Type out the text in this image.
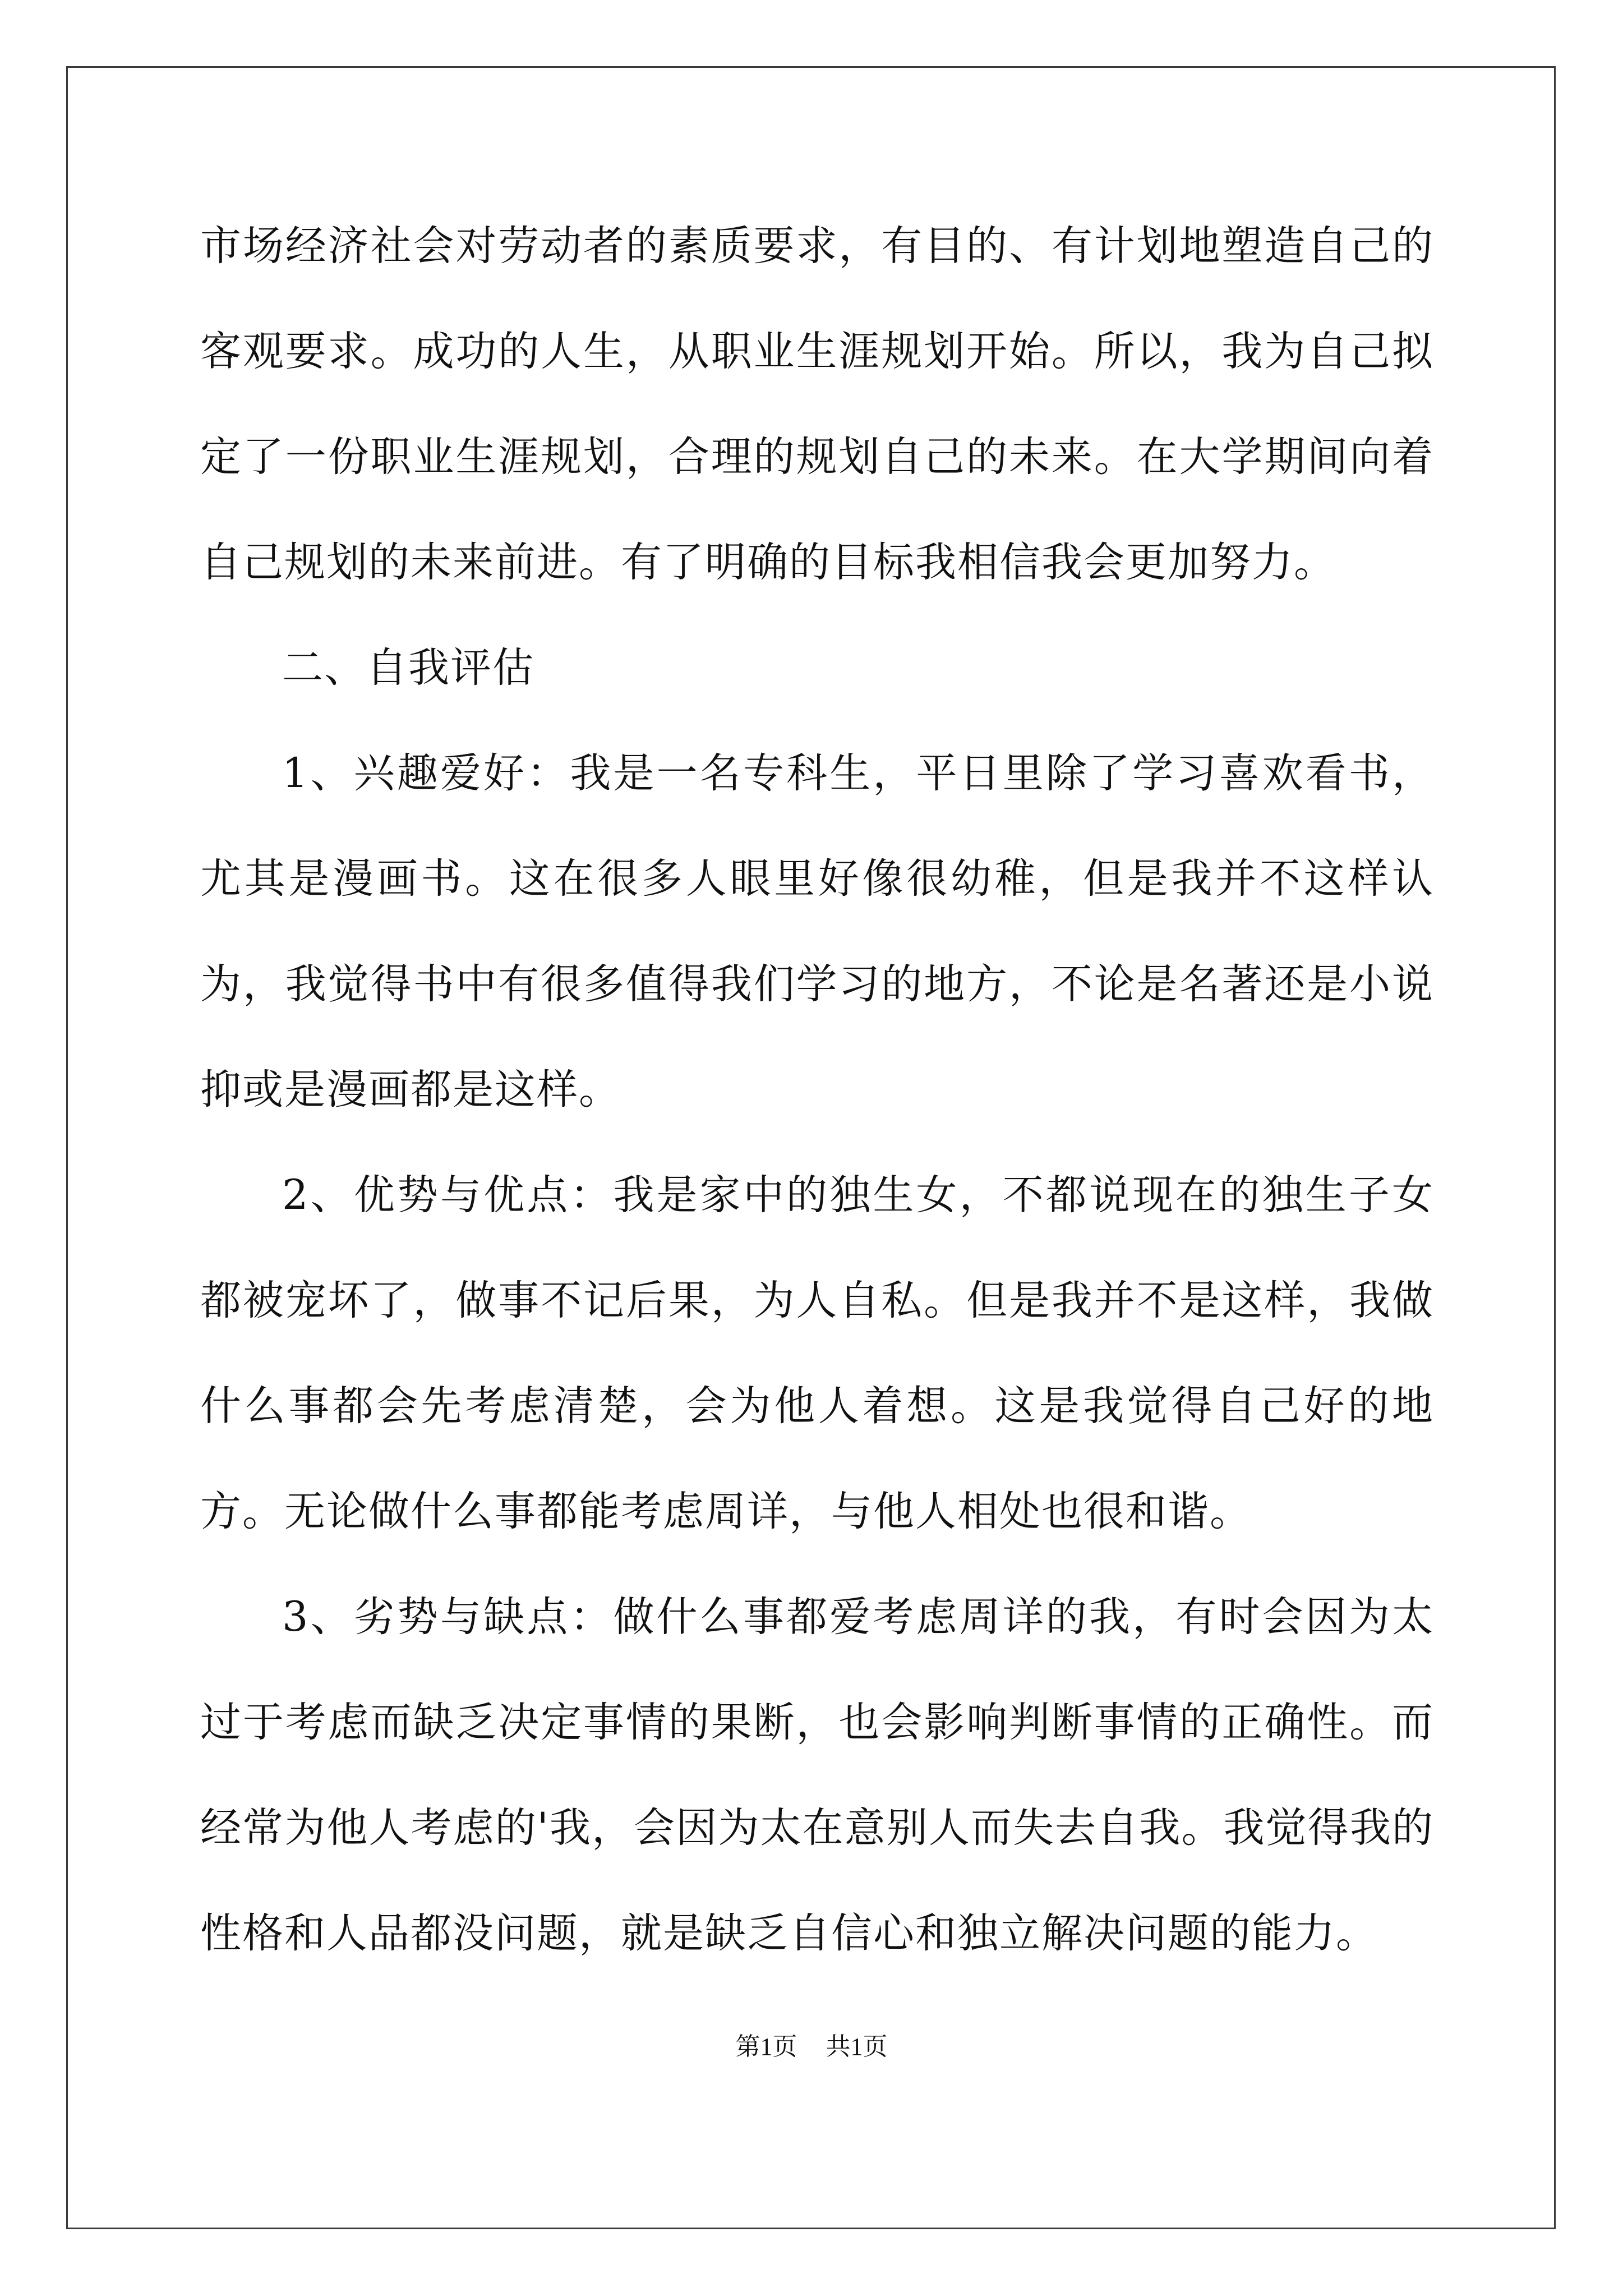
市场经济社会对劳动者的素质要求，有目的、有计划地塑造自己的客观要求。成功的人生，从职业生涯规划开始。所以，我为自己拟定了一份职业生涯规划，合理的规划自己的未来。在大学期间向着自己规划的未来前进。有了明确的目标我相信我会更加努力。

二、自我评估

1、兴趣爱好：我是一名专科生，平日里除了学习喜欢看书，尤其是漫画书。这在很多人眼里好像很幼稚，但是我并不这样认为，我觉得书中有很多值得我们学习的地方，不论是名著还是小说抑或是漫画都是这样。

2、优势与优点：我是家中的独生女，不都说现在的独生子女都被宠坏了，做事不记后果，为人自私。但是我并不是这样，我做什么事都会先考虑清楚，会为他人着想。这是我觉得自己好的地方。无论做什么事都能考虑周详，与他人相处也很和谐。

3、劣势与缺点：做什么事都爱考虑周详的我，有时会因为太过于考虑而缺乏决定事情的果断，也会影响判断事情的正确性。而经常为他人考虑的'我，会因为太在意别人而失去自我。我觉得我的性格和人品都没问题，就是缺乏自信心和独立解决问题的能力。

第1页 共1页
